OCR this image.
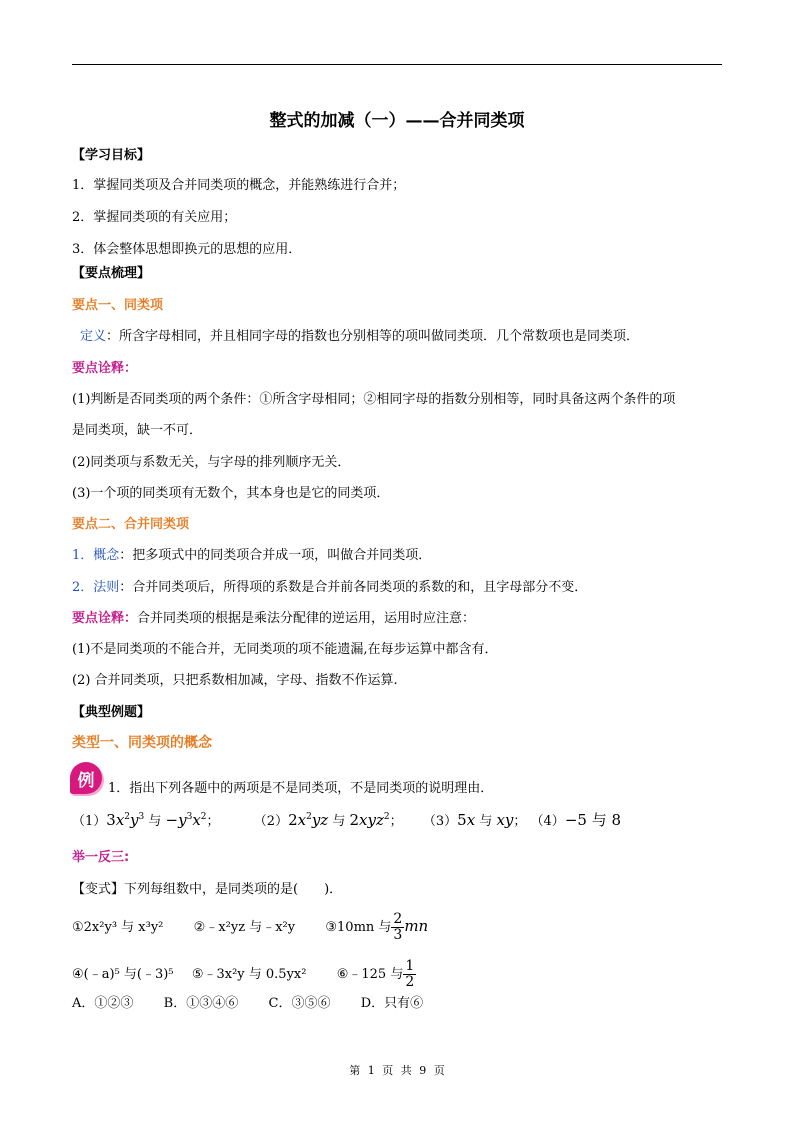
整式的加减（一）——合并同类项
【学习目标】
1．掌握同类项及合并同类项的概念，并能熟练进行合并；
2．掌握同类项的有关应用；
3．体会整体思想即换元的思想的应用．
【要点梳理】
要点一、同类项
定义：所含字母相同，并且相同字母的指数也分别相等的项叫做同类项．几个常数项也是同类项．
要点诠释：
(1)判断是否同类项的两个条件：①所含字母相同；②相同字母的指数分别相等，同时具备这两个条件的项
是同类项，缺一不可．
(2)同类项与系数无关，与字母的排列顺序无关．
(3)一个项的同类项有无数个，其本身也是它的同类项．
要点二、合并同类项
1．概念：把多项式中的同类项合并成一项，叫做合并同类项．
2．法则：合并同类项后，所得项的系数是合并前各同类项的系数的和，且字母部分不变．
要点诠释：合并同类项的根据是乘法分配律的逆运用，运用时应注意：
(1)不是同类项的不能合并，无同类项的项不能遗漏,在每步运算中都含有．
(2) 合并同类项，只把系数相加减，字母、指数不作运算.
【典型例题】
类型一、同类项的概念
例	1．指出下列各题中的两项是不是同类项，不是同类项的说明理由．
$(1)3x^2y^3$ 与 $-y^3x^2$；  $(2)2x^2yz$ 与 2xyz$^2$；  （3）5x 与 xy； （4）−5 与 8
举一反三:
【变式】下列每组数中，是同类项的是(　　)．
①2x²y³ 与 x³y² ②﹣x²yz 与﹣x²y ③10mn 与 $\frac{2}{3}$ mn
④(﹣a)⁵ 与(﹣3)⁵ ⑤﹣3x²y 与 0.5yx² ⑥﹣125 与 $\frac{1}{2}$
A．①②③ B．①③④⑥ C．③⑤⑥ D．只有⑥
第 1 页 共 9 页
